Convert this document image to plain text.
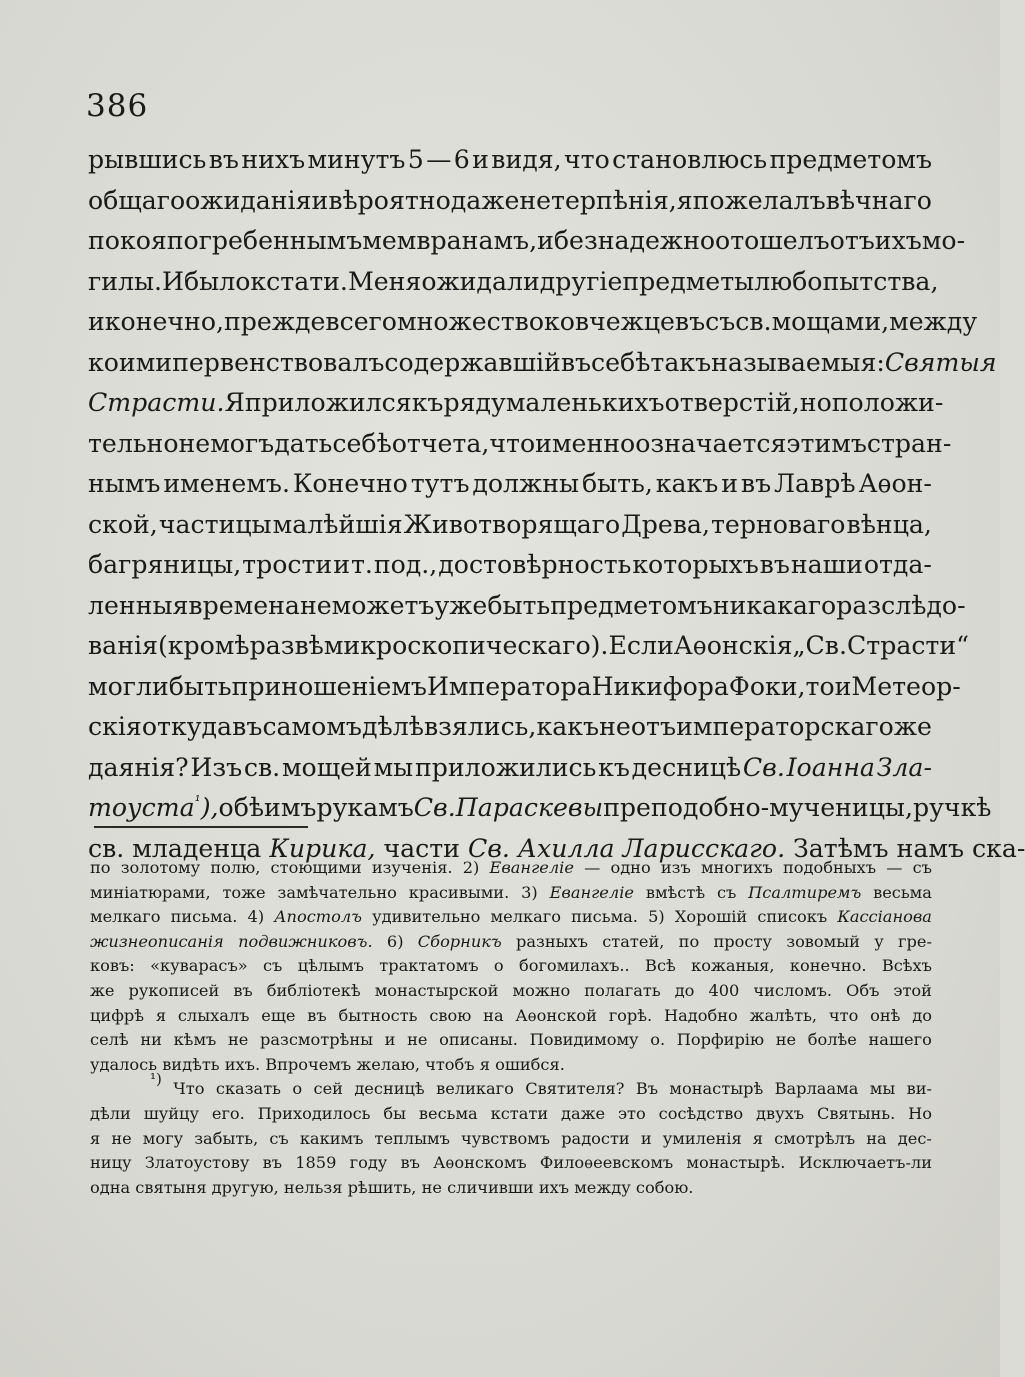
386
рывшись въ нихъ минутъ 5 — 6 и видя, что становлюсь предметомъ
общаго ожиданія и вѣроятно даже нетерпѣнія, я пожелалъ вѣчнаго
покоя погребеннымъ мемвранамъ, и безнадежно отошелъ отъ ихъ мо-
гилы. И было кстати. Меня ожидали другіе предметы любопытства,
и конечно, прежде всего множество ковчежцевъ съ св. мощами, между
коими первенствовалъ содержавшій въ себѣ такъ называемыя: Святыя
Страсти. Я приложился къ ряду маленькихъ отверстій, но положи-
тельно не могъ дать себѣ отчета, что именно означается этимъ стран-
нымъ именемъ. Конечно тутъ должны быть, какъ и въ Лаврѣ Аѳон-
ской, частицы малѣйшія Животворящаго Древа, терноваго вѣнца,
багряницы, трости и т. под., достовѣрность которыхъ въ наши отда-
ленныя времена не можетъ уже быть предметомъ никакаго разслѣдо-
ванія (кромѣ развѣ микроскопическаго). Если Аѳонскія „Св. Страсти“
могли быть приношеніемъ Императора Никифора Фоки, то и Метеор-
скія откуда въ самомъ дѣлѣ взялись, какъ не отъ императорскаго же
даянія? Изъ св. мощей мы приложились къ десницѣ Св. Іоанна Зла-
тоуста$^{^1}$), обѣимъ рукамъ Св. Параскевы преподобно-мученицы, ручкѣ
св. младенца Кирика, части Св. Ахилла Ларисскаго. Затѣмъ намъ ска-
по золотому полю, стоющими изученія. 2) Евангеліе — одно изъ многихъ подобныхъ — съ
миніатюрами, тоже замѣчательно красивыми. 3) Евангеліе вмѣстѣ съ Псалтиремъ весьма
мелкаго письма. 4) Апостолъ удивительно мелкаго письма. 5) Хорошій списокъ Кассіанова
жизнеописанія подвижниковъ. 6) Сборникъ разныхъ статей, по просту зовомый у гре-
ковъ: «куварасъ» съ цѣлымъ трактатомъ о богомилахъ.. Всѣ кожаныя, конечно. Всѣхъ
же рукописей въ библіотекѣ монастырской можно полагать до 400 числомъ. Объ этой
цифрѣ я слыхалъ еще въ бытность свою на Аѳонской горѣ. Надобно жалѣть, что онѣ до
селѣ ни кѣмъ не разсмотрѣны и не описаны. Повидимому о. Порфирію не болѣе нашего
удалось видѣть ихъ. Впрочемъ желаю, чтобъ я ошибся.
¹) Что сказать о сей десницѣ великаго Святителя? Въ монастырѣ Варлаама мы ви-
дѣли шуйцу его. Приходилось бы весьма кстати даже это сосѣдство двухъ Святынь. Но
я не могу забыть, съ какимъ теплымъ чувствомъ радости и умиленія я смотрѣлъ на дес-
ницу Златоустову въ 1859 году въ Аѳонскомъ Филоѳеевскомъ монастырѣ. Исключаетъ-ли
одна святыня другую, нельзя рѣшить, не сличивши ихъ между собою.
